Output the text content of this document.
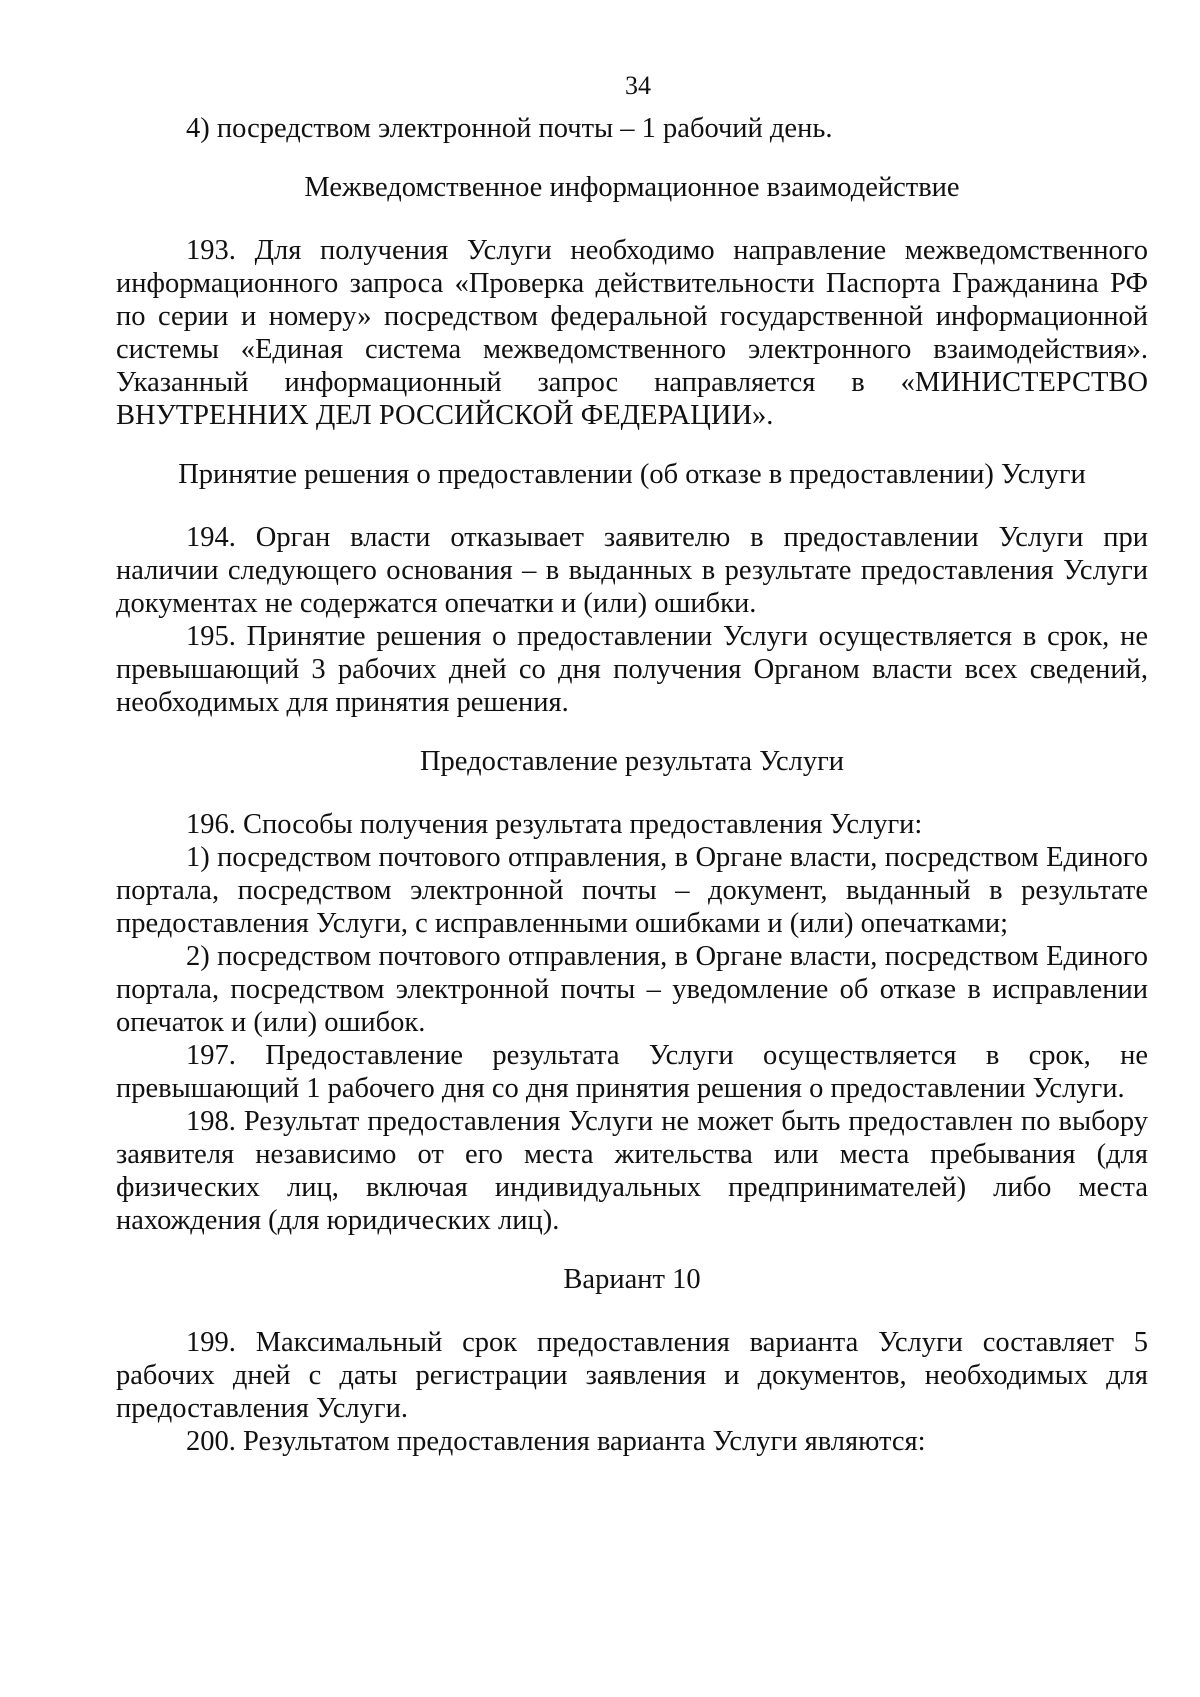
34

4) посредством электронной почты – 1 рабочий день.

Межведомственное информационное взаимодействие

193. Для получения Услуги необходимо направление межведомственного информационного запроса «Проверка действительности Паспорта Гражданина РФ по серии и номеру» посредством федеральной государственной информационной системы «Единая система межведомственного электронного взаимодействия». Указанный информационный запрос направляется в «МИНИСТЕРСТВО ВНУТРЕННИХ ДЕЛ РОССИЙСКОЙ ФЕДЕРАЦИИ».

Принятие решения о предоставлении (об отказе в предоставлении) Услуги

194. Орган власти отказывает заявителю в предоставлении Услуги при наличии следующего основания – в выданных в результате предоставления Услуги документах не содержатся опечатки и (или) ошибки.

195. Принятие решения о предоставлении Услуги осуществляется в срок, не превышающий 3 рабочих дней со дня получения Органом власти всех сведений, необходимых для принятия решения.

Предоставление результата Услуги

196. Способы получения результата предоставления Услуги:

1) посредством почтового отправления, в Органе власти, посредством Единого портала, посредством электронной почты – документ, выданный в результате предоставления Услуги, с исправленными ошибками и (или) опечатками;

2) посредством почтового отправления, в Органе власти, посредством Единого портала, посредством электронной почты – уведомление об отказе в исправлении опечаток и (или) ошибок.

197. Предоставление результата Услуги осуществляется в срок, не превышающий 1 рабочего дня со дня принятия решения о предоставлении Услуги.

198. Результат предоставления Услуги не может быть предоставлен по выбору заявителя независимо от его места жительства или места пребывания (для физических лиц, включая индивидуальных предпринимателей) либо места нахождения (для юридических лиц).

Вариант 10

199. Максимальный срок предоставления варианта Услуги составляет 5 рабочих дней с даты регистрации заявления и документов, необходимых для предоставления Услуги.

200. Результатом предоставления варианта Услуги являются:
